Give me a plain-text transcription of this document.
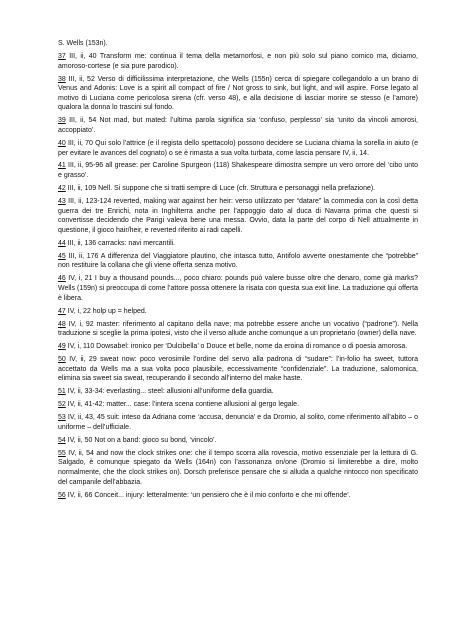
S. Wells (153n).

37 III, ii, 40 Transform me: continua il tema della metamorfosi, e non più solo sul piano comico ma, diciamo, amoroso-cortese (e sia pure parodico).

38 III, ii, 52 Verso di difficilissima interpretazione, che Wells (155n) cerca di spiegare collegandolo a un brano di Venus and Adonis: Love is a spirit all compact of fire / Not gross to sink, but light, and will aspire. Forse legato al motivo di Luciana come pericolosa sirena (cfr. verso 48), e alla decisione di lasciar morire se stesso (e l’amore) qualora la donna lo trascini sul fondo.

39 III, ii, 54 Not mad, but mated: l’ultima parola significa sia ‘confuso, perplesso’ sia ‘unito da vincoli amorosi, accoppiato’.

40 III, ii, 70 Qui solo l’attrice (e il regista dello spettacolo) possono decidere se Luciana chiama la sorella in aiuto (e per evitare le avances del cognato) o se è rimasta a sua volta turbata, come lascia pensare IV, ii, 14.

41 III, ii, 95-96 all grease: per Caroline Spurgeon (118) Shakespeare dimostra sempre un vero orrore del ‘cibo unto e grasso’.

42 III, ii, 109 Nell. Si suppone che si tratti sempre di Luce (cfr. Struttura e personaggi nella prefazione).

43 III, ii, 123-124 reverted, making war against her heir: verso utilizzato per “datare” la commedia con la così detta guerra dei tre Enrichi, nota in Inghilterra anche per l’appoggio dato al duca di Navarra prima che questi si convertisse decidendo che Parigi valeva bene una messa. Ovvio, data la parte del corpo di Nell attualmente in questione, il gioco hair/heir, e reverted riferito ai radi capelli.

44 III, ii, 136 carracks: navi mercantili.

45 III, ii, 176 A differenza del Viaggiatore plautino, che intasca tutto, Antifolo avverte onestamente che “potrebbe” non restituire la collana che gli viene offerta senza motivo.

46 IV, i, 21 I buy a thousand pounds..., poco chiaro: pounds può valere busse oltre che denaro, come già marks? Wells (159n) si preoccupa di come l’attore possa ottenere la risata con questa sua exit line. La traduzione qui offerta è libera.

47 IV, i, 22 holp up = helped.

48 IV, i, 92 master: riferimento al capitano della nave; ma potrebbe essere anche un vocativo (“padrone”). Nella traduzione si sceglie la prima ipotesi, visto che il verso allude anche comunque a un proprietario (owner) della nave.

49 IV, i, 110 Dowsabel: ironico per ‘Dulcibella’ o Douce et belle, nome da eroina di romance o di poesia amorosa.

50 IV, ii, 29 sweat now: poco verosimile l’ordine del servo alla padrona di “sudare”: l’in-folio ha sweet, tuttora accettato da Wells ma a sua volta poco plausibile, eccessivamente “confidenziale”. La traduzione, salomonica, elimina sia sweet sia sweat, recuperando il secondo all’interno del make haste.

51 IV, ii, 33-34: everlasting... steel: allusioni all’uniforme della guardia.

52 IV, ii, 41-42: matter... case: l’intera scena contiene allusioni al gergo legale.

53 IV, ii, 43, 45 suit: inteso da Adriana come ‘accusa, denuncia’ e da Dromio, al solito, come riferimento all’abito – o uniforme – dell’ufficiale.

54 IV, ii, 50 Not on a band: gioco su bond, ‘vincolo’.

55 IV, ii, 54 and now the clock strikes one: che il tempo scorra alla rovescia, motivo essenziale per la lettura di G. Salgado, è comunque spiegato da Wells (164n) con l’assonanza on/one (Dromio si limiterebbe a dire, molto normalmente, che the clock strikes on). Dorsch preferisce pensare che si alluda a qualche rintocco non specificato del campanile dell’abbazia.

56 IV, ii, 66 Conceit... injury: letteralmente: ‘un pensiero che è il mio conforto e che mi offende’.
